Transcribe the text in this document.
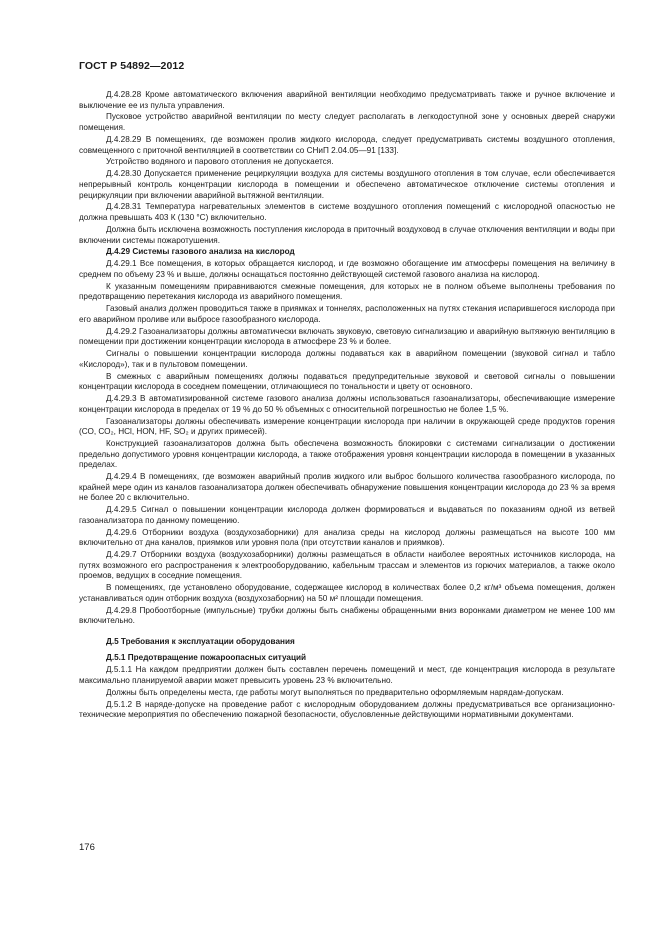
ГОСТ Р 54892—2012

Д.4.28.28 Кроме автоматического включения аварийной вентиляции необходимо предусматривать также и ручное включение и выключение ее из пульта управления.

Пусковое устройство аварийной вентиляции по месту следует располагать в легкодоступной зоне у основных дверей снаружи помещения.

Д.4.28.29 В помещениях, где возможен пролив жидкого кислорода, следует предусматривать системы воздушного отопления, совмещенного с приточной вентиляцией в соответствии со СНиП 2.04.05—91 [133].

Устройство водяного и парового отопления не допускается.

Д.4.28.30 Допускается применение рециркуляции воздуха для системы воздушного отопления в том случае, если обеспечивается непрерывный контроль концентрации кислорода в помещении и обеспечено автоматическое отключение системы отопления и рециркуляции при включении аварийной вытяжной вентиляции.

Д.4.28.31 Температура нагревательных элементов в системе воздушного отопления помещений с кислородной опасностью не должна превышать 403 К (130 °С) включительно.

Должна быть исключена возможность поступления кислорода в приточный воздуховод в случае отключения вентиляции и воды при включении системы пожаротушения.

Д.4.29 Системы газового анализа на кислород

Д.4.29.1 Все помещения, в которых обращается кислород, и где возможно обогащение им атмосферы помещения на величину в среднем по объему 23 % и выше, должны оснащаться постоянно действующей системой газового анализа на кислород.

К указанным помещениям приравниваются смежные помещения, для которых не в полном объеме выполнены требования по предотвращению перетекания кислорода из аварийного помещения.

Газовый анализ должен проводиться также в приямках и тоннелях, расположенных на путях стекания испарившегося кислорода при его аварийном проливе или выбросе газообразного кислорода.

Д.4.29.2 Газоанализаторы должны автоматически включать звуковую, световую сигнализацию и аварийную вытяжную вентиляцию в помещении при достижении концентрации кислорода в атмосфере 23 % и более.

Сигналы о повышении концентрации кислорода должны подаваться как в аварийном помещении (звуковой сигнал и табло «Кислород»), так и в пультовом помещении.

В смежных с аварийным помещениях должны подаваться предупредительные звуковой и световой сигналы о повышении концентрации кислорода в соседнем помещении, отличающиеся по тональности и цвету от основного.

Д.4.29.3 В автоматизированной системе газового анализа должны использоваться газоанализаторы, обеспечивающие измерение концентрации кислорода в пределах от 19 % до 50 % объемных с относительной погрешностью не более 1,5 %.

Газоанализаторы должны обеспечивать измерение концентрации кислорода при наличии в окружающей среде продуктов горения (СО, СО₂, HCl, HON, HF, SO₂ и других примесей).

Конструкцией газоанализаторов должна быть обеспечена возможность блокировки с системами сигнализации о достижении предельно допустимого уровня концентрации кислорода, а также отображения уровня концентрации кислорода в помещении в указанных пределах.

Д.4.29.4 В помещениях, где возможен аварийный пролив жидкого или выброс большого количества газообразного кислорода, по крайней мере один из каналов газоанализатора должен обеспечивать обнаружение повышения концентрации кислорода до 23 % за время не более 20 с включительно.

Д.4.29.5 Сигнал о повышении концентрации кислорода должен формироваться и выдаваться по показаниям одной из ветвей газоанализатора по данному помещению.

Д.4.29.6 Отборники воздуха (воздухозаборники) для анализа среды на кислород должны размещаться на высоте 100 мм включительно от дна каналов, приямков или уровня пола (при отсутствии каналов и приямков).

Д.4.29.7 Отборники воздуха (воздухозаборники) должны размещаться в области наиболее вероятных источников кислорода, на путях возможного его распространения к электрооборудованию, кабельным трассам и элементов из горючих материалов, а также около проемов, ведущих в соседние помещения.

В помещениях, где установлено оборудование, содержащее кислород в количествах более 0,2 кг/м³ объема помещения, должен устанавливаться один отборник воздуха (воздухозаборник) на 50 м² площади помещения.

Д.4.29.8 Пробоотборные (импульсные) трубки должны быть снабжены обращенными вниз воронками диаметром не менее 100 мм включительно.

Д.5 Требования к эксплуатации оборудования

Д.5.1 Предотвращение пожароопасных ситуаций

Д.5.1.1 На каждом предприятии должен быть составлен перечень помещений и мест, где концентрация кислорода в результате максимально планируемой аварии может превысить уровень 23 % включительно.

Должны быть определены места, где работы могут выполняться по предварительно оформляемым нарядам-допускам.

Д.5.1.2 В наряде-допуске на проведение работ с кислородным оборудованием должны предусматриваться все организационно-технические мероприятия по обеспечению пожарной безопасности, обусловленные действующими нормативными документами.

176
